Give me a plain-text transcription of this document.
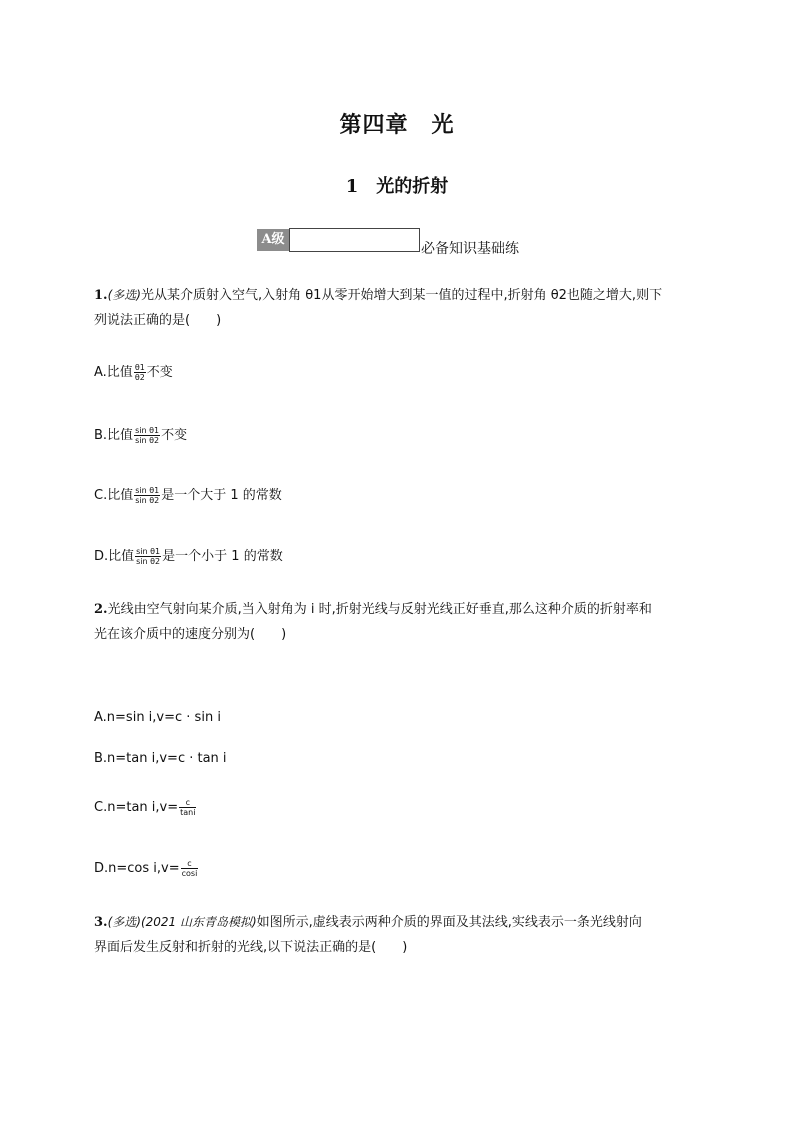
第四章　光
1 光的折射
A级
必备知识基础练
1.(多选)光从某介质射入空气,入射角 θ1从零开始增大到某一值的过程中,折射角 θ2也随之增大,则下
列说法正确的是(　　)
A.比值 $\frac{\theta 1}{\theta 2}$ 不变
B.比值 $\frac{\text{sin θ1}}{\text{sin θ2}}$ 不变
C.比值 $\frac{\text{sin θ1}}{\text{sin θ2}}$ 是一个大于 1 的常数
D.比值 $\frac{\text{sin θ1}}{\text{sin θ2}}$ 是一个小于 1 的常数
2.光线由空气射向某介质,当入射角为 i 时,折射光线与反射光线正好垂直,那么这种介质的折射率和
光在该介质中的速度分别为(　　)
A.n=sin i,v=c · sin i
B.n=tan i,v=c · tan i
C.n=tan $i,v= \frac{c}{\tan i}$
D.n=cos $i,v= \frac{c}{\cos i}$
3.(多选)(2021 山东青岛模拟)如图所示,虚线表示两种介质的界面及其法线,实线表示一条光线射向
界面后发生反射和折射的光线,以下说法正确的是(　　)
